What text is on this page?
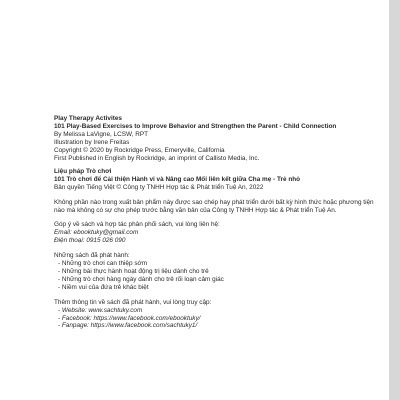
Play Therapy Activites
101 Play-Based Exercises to Improve Behavior and Strengthen the Parent - Child Connection
By Melissa LaVigne, LCSW, RPT
Illustration by Irene Freitas
Copyright © 2020 by Rockridge Press, Emeryville, California
First Published in English by Rockridge, an imprint of Callisto Media, Inc.
Liệu pháp Trò chơi
101 Trò chơi để Cải thiện Hành vi và Nâng cao Mối liên kết giữa Cha mẹ - Trẻ nhỏ
Bản quyền Tiếng Việt © Công ty TNHH Hợp tác & Phát triển Tuệ An, 2022
Không phần nào trong xuất bản phẩm này được sao chép hay phát triển dưới bất kỳ hình thức hoặc phương tiện nào mà không có sự cho phép trước bằng văn bản của Công ty TNHH Hợp tác & Phát triển Tuệ An.
Góp ý về sách và hợp tác phân phối sách, vui lòng liên hệ:
Email: ebooktuky@gmail.com
Điện thoại: 0915 026 090
Những sách đã phát hành:
- Những trò chơi can thiệp sớm
- Những bài thực hành hoạt động trị liệu dành cho trẻ
- Những trò chơi hàng ngày dành cho trẻ rối loạn cảm giác
- Niềm vui của đứa trẻ khác biệt
Thêm thông tin về sách đã phát hành, vui lòng truy cập:
- Website: www.sachtuky.com
- Facebook: https://www.facebook.com/ebooktuky/
- Fanpage: https://www.facebook.com/sachtuky1/
